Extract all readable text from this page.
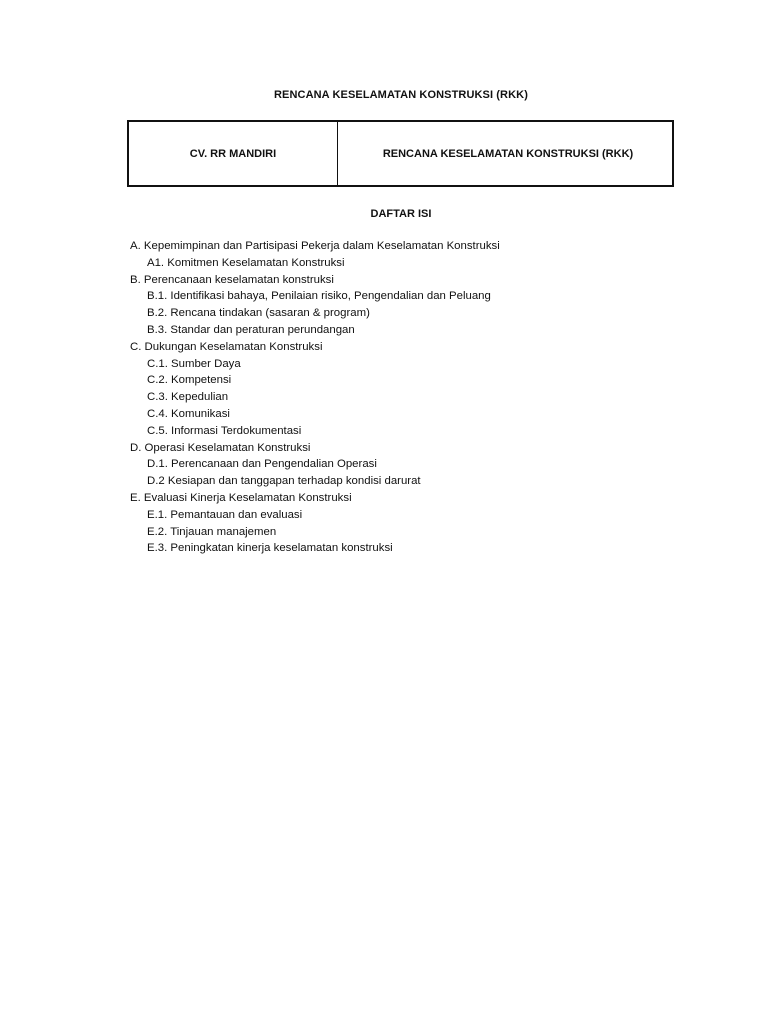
RENCANA KESELAMATAN KONSTRUKSI (RKK)
CV. RR MANDIRI	RENCANA KESELAMATAN KONSTRUKSI (RKK)
DAFTAR ISI
A. Kepemimpinan dan Partisipasi Pekerja dalam Keselamatan Konstruksi
A1. Komitmen Keselamatan Konstruksi
B. Perencanaan keselamatan konstruksi
B.1. Identifikasi bahaya, Penilaian risiko, Pengendalian dan Peluang
B.2. Rencana tindakan (sasaran & program)
B.3. Standar dan peraturan perundangan
C. Dukungan Keselamatan Konstruksi
C.1. Sumber Daya
C.2. Kompetensi
C.3. Kepedulian
C.4. Komunikasi
C.5. Informasi Terdokumentasi
D. Operasi Keselamatan Konstruksi
D.1. Perencanaan dan Pengendalian Operasi
D.2 Kesiapan dan tanggapan terhadap kondisi darurat
E. Evaluasi Kinerja Keselamatan Konstruksi
E.1. Pemantauan dan evaluasi
E.2. Tinjauan manajemen
E.3. Peningkatan kinerja keselamatan konstruksi
